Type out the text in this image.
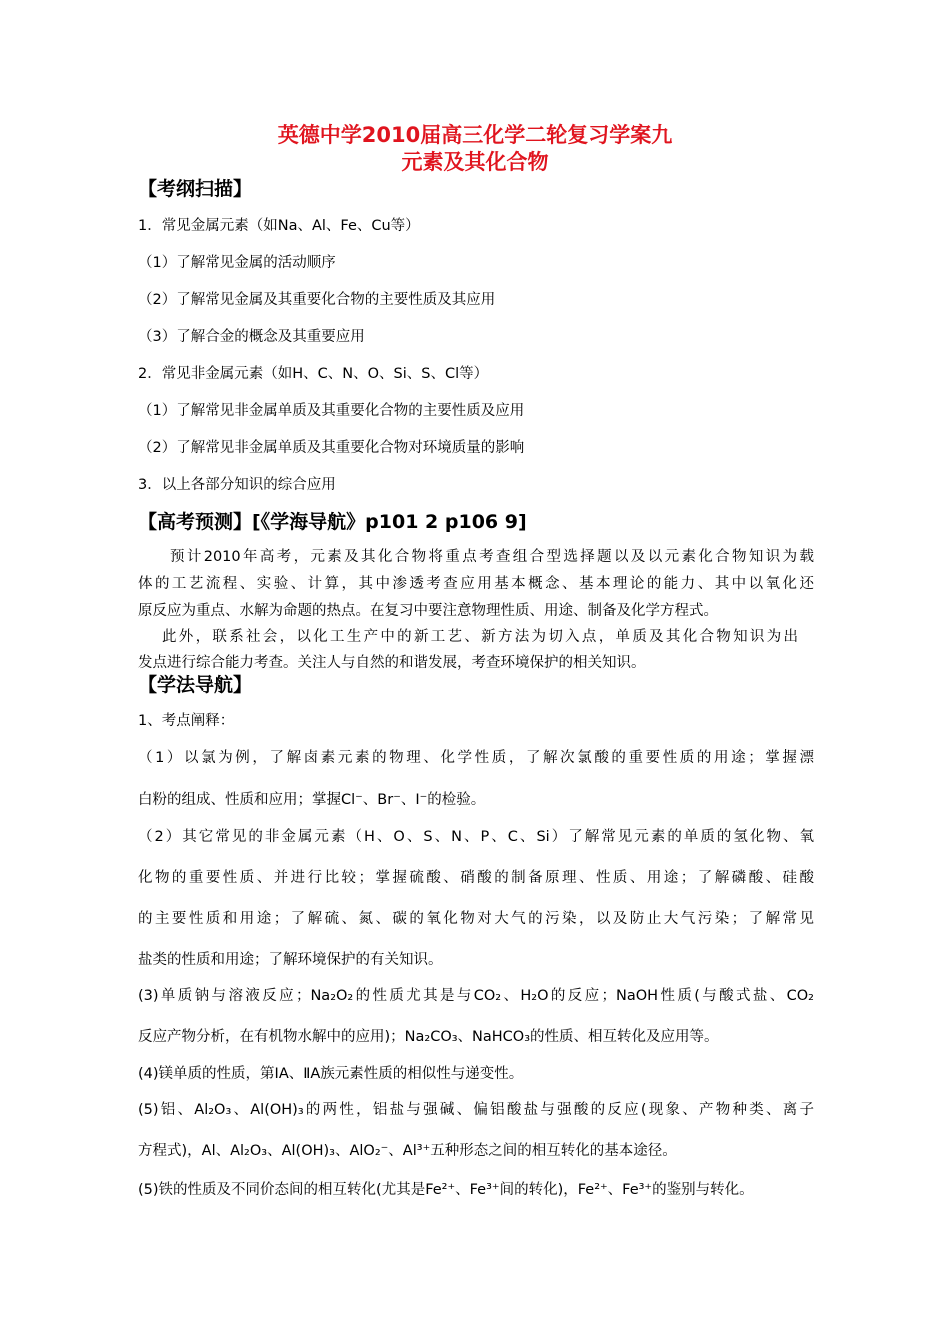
英德中学2010届高三化学二轮复习学案九
元素及其化合物
【考纲扫描】
1．常见金属元素（如Na、Al、Fe、Cu等）
（1）了解常见金属的活动顺序
（2）了解常见金属及其重要化合物的主要性质及其应用
（3）了解合金的概念及其重要应用
2．常见非金属元素（如H、C、N、O、Si、S、Cl等）
（1）了解常见非金属单质及其重要化合物的主要性质及应用
（2）了解常见非金属单质及其重要化合物对环境质量的影响
3．以上各部分知识的综合应用
【高考预测】[《学海导航》p101 2 p106 9]
预计2010年高考，元素及其化合物将重点考查组合型选择题以及以元素化合物知识为载
体的工艺流程、实验、计算，其中渗透考查应用基本概念、基本理论的能力、其中以氧化还
原反应为重点、水解为命题的热点。在复习中要注意物理性质、用途、制备及化学方程式。
此外，联系社会，以化工生产中的新工艺、新方法为切入点，单质及其化合物知识为出
发点进行综合能力考查。关注人与自然的和谐发展，考查环境保护的相关知识。
【学法导航】
1、考点阐释：
（1）以氯为例，了解卤素元素的物理、化学性质，了解次氯酸的重要性质的用途；掌握漂
白粉的组成、性质和应用；掌握Cl⁻、Br⁻、I⁻的检验。
（2）其它常见的非金属元素（H、O、S、N、P、C、Si）了解常见元素的单质的氢化物、氧
化物的重要性质、并进行比较；掌握硫酸、硝酸的制备原理、性质、用途；了解磷酸、硅酸
的主要性质和用途；了解硫、氮、碳的氧化物对大气的污染，以及防止大气污染；了解常见
盐类的性质和用途；了解环境保护的有关知识。
(3)单质钠与溶液反应；Na₂O₂的性质尤其是与CO₂、H₂O的反应；NaOH性质(与酸式盐、CO₂
反应产物分析，在有机物水解中的应用)；Na₂CO₃、NaHCO₃的性质、相互转化及应用等。
(4)镁单质的性质，第ⅠA、ⅡA族元素性质的相似性与递变性。
(5)铝、Al₂O₃、Al(OH)₃的两性，铝盐与强碱、偏铝酸盐与强酸的反应(现象、产物种类、离子
方程式)，Al、Al₂O₃、Al(OH)₃、AlO₂⁻、Al³⁺五种形态之间的相互转化的基本途径。
(5)铁的性质及不同价态间的相互转化(尤其是Fe²⁺、Fe³⁺间的转化)，Fe²⁺、Fe³⁺的鉴别与转化。
